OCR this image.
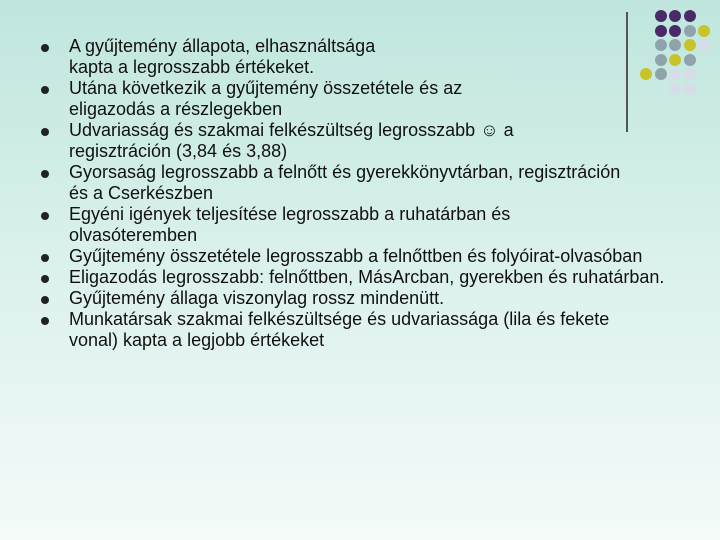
A gyűjtemény állapota, elhasználtsága kapta a legrosszabb értékeket.
Utána következik a gyűjtemény összetétele és az eligazodás a részlegekben
Udvariasság és szakmai felkészültség legrosszabb ☺ a regisztráción (3,84 és 3,88)
Gyorsaság legrosszabb a felnőtt és gyerekkönyvtárban, regisztráción és a Cserkészben
Egyéni igények teljesítése legrosszabb a ruhatárban és olvasóteremben
Gyűjtemény összetétele legrosszabb a felnőttben és folyóirat-olvasóban
Eligazodás legrosszabb: felnőttben, MásArcban, gyerekben és ruhatárban.
Gyűjtemény állaga viszonylag rossz mindenütt.
Munkatársak szakmai felkészültsége és udvariassága (lila és fekete vonal) kapta a legjobb értékeket
